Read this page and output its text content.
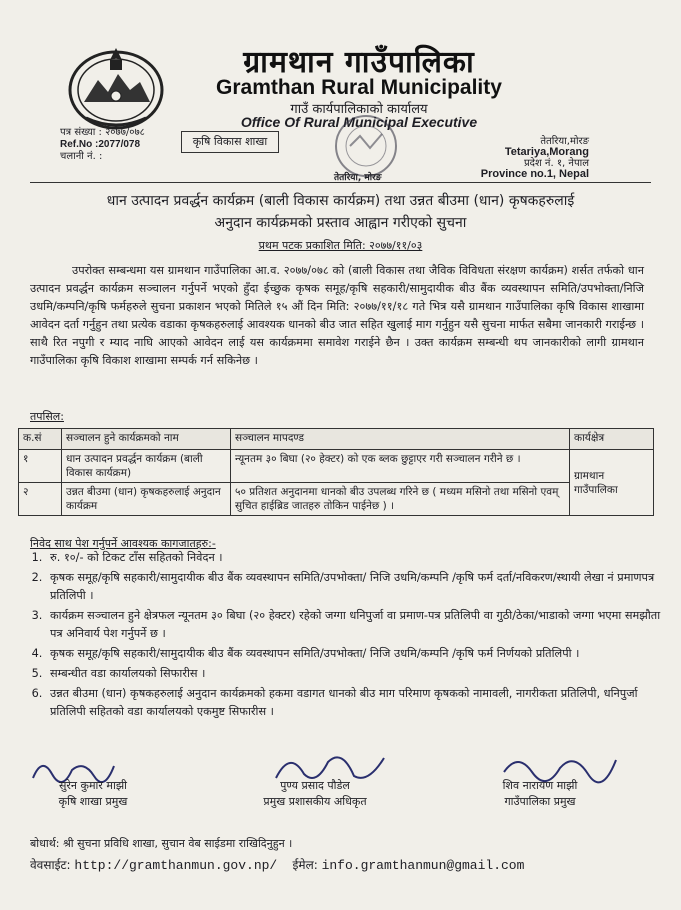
ग्रामथान गाउँपालिका
Gramthan Rural Municipality
गाउँ कार्यपालिकाको कार्यालय
Office Of Rural Municipal Executive
पत्र संख्या : २०७७/०७८
Ref.No :2077/078
चलानी नं. :
कृषि विकास शाखा
तेतरिया, मोरङ
तेतरिया,मोरङ
Tetariya,Morang
प्रदेश नं. १, नेपाल
Province no.1, Nepal
धान उत्पादन प्रवर्द्धन कार्यक्रम (बाली विकास कार्यक्रम) तथा उन्नत बीउमा (धान) कृषकहरुलाई
अनुदान कार्यक्रमको प्रस्ताव आह्वान गरीएको सुचना
प्रथम पटक प्रकाशित मिति: २०७७/११/०३
उपरोक्त सम्बन्धमा यस ग्रामथान गाउँपालिका आ.व. २०७७/०७८ को (बाली विकास तथा जैविक विविधता संरक्षण कार्यक्रम) शर्सत तर्फको धान उत्पादन प्रवर्द्धन कार्यक्रम सञ्चालन गर्नुपर्ने भएको हुँदा ईच्छुक कृषक समूह/कृषि सहकारी/सामुदायीक बीउ बैंक व्यवस्थापन समिति/उपभोक्ता/निजि उधमि/कम्पनि/कृषि फर्महरुले सुचना प्रकाशन भएको मितिले १५ औं दिन मिति: २०७७/११/१८ गते भित्र यसै ग्रामथान गाउँपालिका कृषि विकास शाखामा आवेदन दर्ता गर्नुहुन तथा प्रत्येक वडाका कृषकहरुलाई आवश्यक धानको बीउ जात सहित खुलाई माग गर्नुहुन यसै सुचना मार्फत सबैमा जानकारी गराईन्छ । साथै रित नपुगी र म्याद नाघि आएको आवेदन लाई यस कार्यक्रममा समावेश गराईने छैन । उक्त कार्यक्रम सम्बन्धी थप जानकारीको लागी ग्रामथान गाउँपालिका कृषि विकाश शाखामा सम्पर्क गर्न सकिनेछ ।
तपसिल:
क.सं	सञ्चालन हुने कार्यक्रमको नाम	सञ्चालन मापदण्ड	कार्यक्षेत्र
१	धान उत्पादन प्रवर्द्धन कार्यक्रम (बाली विकास कार्यक्रम)	न्यूनतम ३० बिघा (२० हेक्टर) को एक ब्लक छुट्टाएर गरी सञ्चालन गरीने छ ।	ग्रामथान गाउँपालिका
२	उन्नत बीउमा (धान) कृषकहरुलाई अनुदान कार्यक्रम	५० प्रतिशत अनुदानमा धानको बीउ उपलब्ध गरिने छ ( मध्यम मसिनो तथा मसिनो एवम् सुचित हाईब्रिड जातहरु तोकिन पाईनेछ ) ।	
निवेद साथ पेश गर्नुपर्ने आवश्यक कागजातहरु:-
1. रु. १०/- को टिकट टाँस सहितको निवेदन ।
2. कृषक समूह/कृषि सहकारी/सामुदायीक बीउ बैंक व्यवस्थापन समिति/उपभोक्ता/ निजि उधमि/कम्पनि /कृषि फर्म दर्ता/नविकरण/स्थायी लेखा नं प्रमाणपत्र प्रतिलिपी ।
3. कार्यक्रम सञ्चालन हुने क्षेत्रफल न्यूनतम ३० बिघा (२० हेक्टर) रहेको जग्गा धनिपुर्जा वा प्रमाण-पत्र प्रतिलिपी वा गुठी/ठेका/भाडाको जग्गा भएमा समझौता पत्र अनिवार्य पेश गर्नुपर्ने छ ।
4. कृषक समूह/कृषि सहकारी/सामुदायीक बीउ बैंक व्यवस्थापन समिति/उपभोक्ता/ निजि उधमि/कम्पनि /कृषि फर्म निर्णयको प्रतिलिपी ।
5. सम्बन्धीत वडा कार्यालयको सिफारीस ।
6. उन्नत बीउमा (धान) कृषकहरुलाई अनुदान कार्यक्रमको हकमा वडागत धानको बीउ माग परिमाण कृषकको नामावली, नागरीकता प्रतिलिपी, धनिपुर्जा प्रतिलिपी सहितको वडा कार्यालयको एकमुष्ट सिफारीस ।
सुरेन कुमार माझी
कृषि शाखा प्रमुख
पुण्य प्रसाद पौडेल
प्रमुख प्रशासकीय अधिकृत
शिव नारायण माझी
गाउँपालिका प्रमुख
बोधार्थ: श्री सुचना प्रविधि शाखा, सुचान वेब साईडमा राखिदिनुहुन ।
वेवसाईट: http://gramthanmun.gov.np/ ईमेल: info.gramthanmun@gmail.com
